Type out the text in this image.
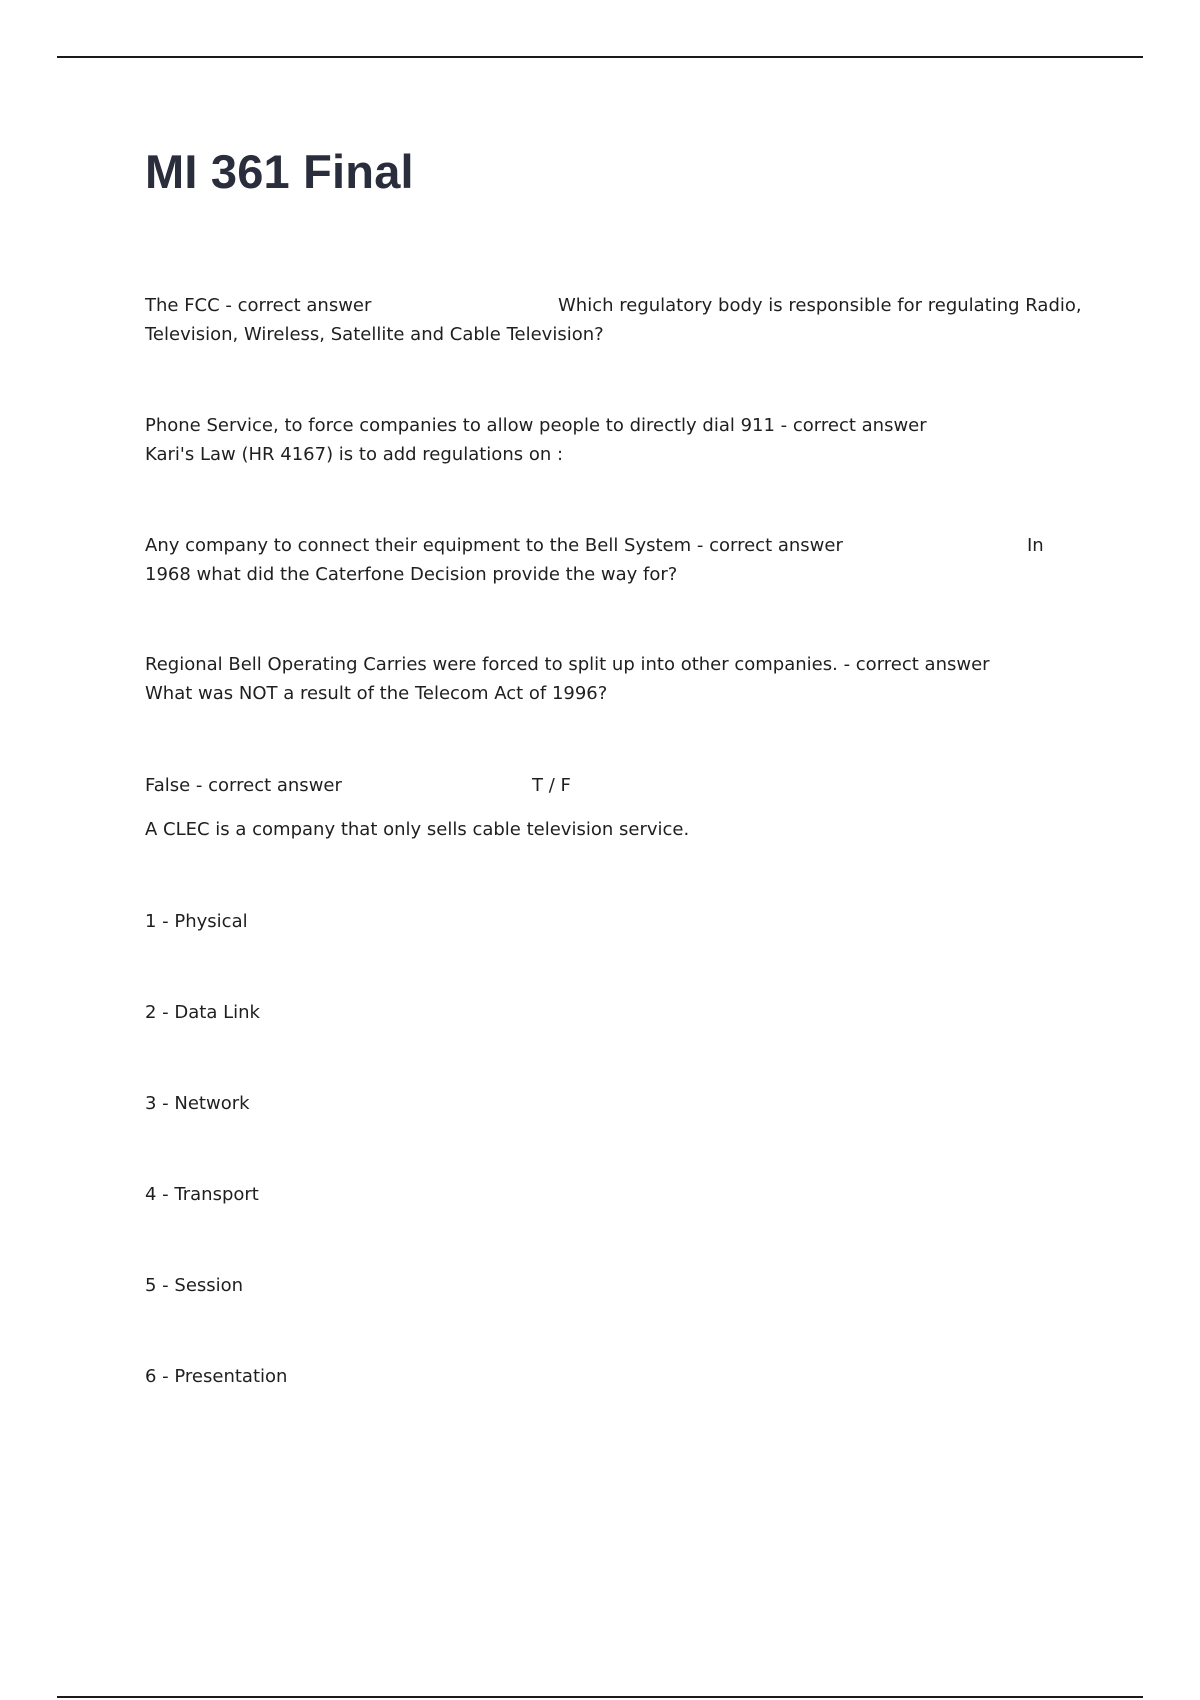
MI 361 Final

The FCC - correct answer	Which regulatory body is responsible for regulating Radio, Television, Wireless, Satellite and Cable Television?

Phone Service, to force companies to allow people to directly dial 911 - correct answer

Kari's Law (HR 4167) is to add regulations on :

Any company to connect their equipment to the Bell System - correct answer	In

1968 what did the Caterfone Decision provide the way for?

Regional Bell Operating Carries were forced to split up into other companies. - correct answer

What was NOT a result of the Telecom Act of 1996?

False - correct answer	T / F

A CLEC is a company that only sells cable television service.

1 - Physical
2 - Data Link
3 - Network
4 - Transport
5 - Session
6 - Presentation
